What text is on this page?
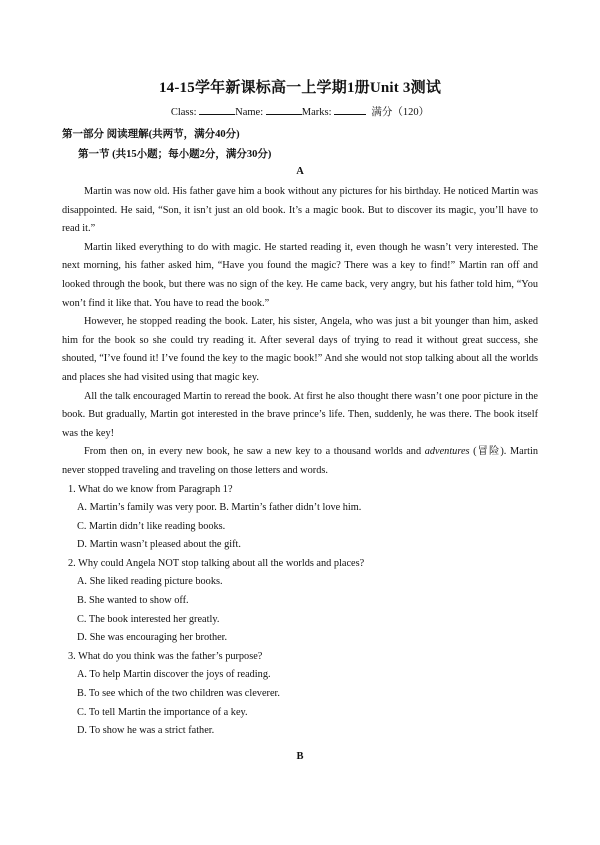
14-15学年新课标高一上学期1册Unit 3测试
Class:	Name:	Marks:	满分（120）
第一部分 阅读理解(共两节，满分40分)
第一节 (共15小题；每小题2分，满分30分)
A

Martin was now old. His father gave him a book without any pictures for his birthday. He noticed Martin was disappointed. He said, “Son, it isn’t just an old book. It’s a magic book. But to discover its magic, you’ll have to read it.”

Martin liked everything to do with magic. He started reading it, even though he wasn’t very interested. The next morning, his father asked him, “Have you found the magic? There was a key to find!” Martin ran off and looked through the book, but there was no sign of the key. He came back, very angry, but his father told him, “You won’t find it like that. You have to read the book.”

However, he stopped reading the book. Later, his sister, Angela, who was just a bit younger than him, asked him for the book so she could try reading it. After several days of trying to read it without great success, she shouted, “I’ve found it! I’ve found the key to the magic book!” And she would not stop talking about all the worlds and places she had visited using that magic key.

All the talk encouraged Martin to reread the book. At first he also thought there wasn’t one poor picture in the book. But gradually, Martin got interested in the brave prince’s life. Then, suddenly, he was there. The book itself was the key!

From then on, in every new book, he saw a new key to a thousand worlds and adventures (冒险). Martin never stopped traveling and traveling on those letters and words.

1. What do we know from Paragraph 1?
A. Martin’s family was very poor. B. Martin’s father didn’t love him.
C. Martin didn’t like reading books.
D. Martin wasn’t pleased about the gift.
2. Why could Angela NOT stop talking about all the worlds and places?
A. She liked reading picture books.
B. She wanted to show off.
C. The book interested her greatly.
D. She was encouraging her brother.
3. What do you think was the father’s purpose?
A. To help Martin discover the joys of reading.
B. To see which of the two children was cleverer.
C. To tell Martin the importance of a key.
D. To show he was a strict father.
B
